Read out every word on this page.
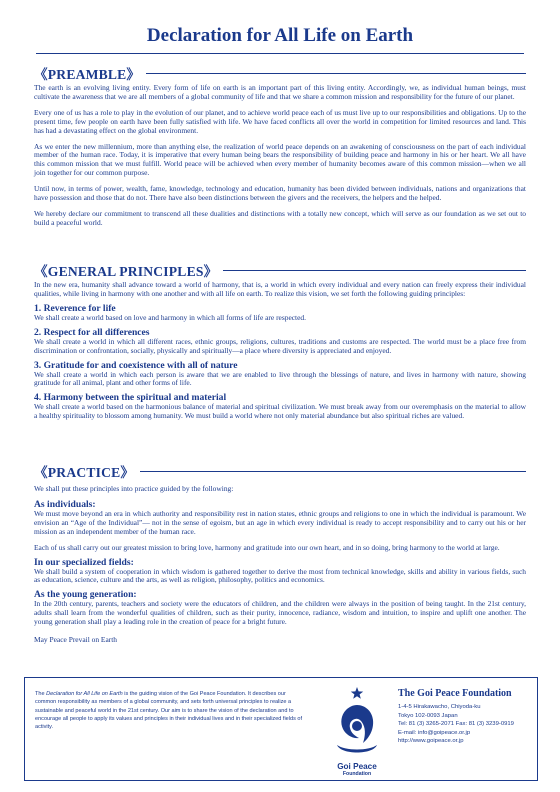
Declaration for All Life on Earth
《PREAMBLE》

The earth is an evolving living entity. Every form of life on earth is an important part of this living entity. Accordingly, we, as individual human beings, must cultivate the awareness that we are all members of a global community of life and that we share a common mission and responsibility for the future of our planet.

Every one of us has a role to play in the evolution of our planet, and to achieve world peace each of us must live up to our responsibilities and obligations. Up to the present time, few people on earth have been fully satisfied with life. We have faced conflicts all over the world in competition for limited resources and land. This has had a devastating effect on the global environment.

As we enter the new millennium, more than anything else, the realization of world peace depends on an awakening of consciousness on the part of each individual member of the human race. Today, it is imperative that every human being bears the responsibility of building peace and harmony in his or her heart. We all have this common mission that we must fulfill. World peace will be achieved when every member of humanity becomes aware of this common mission—when we all join together for our common purpose.

Until now, in terms of power, wealth, fame, knowledge, technology and education, humanity has been divided between individuals, nations and organizations that have possession and those that do not. There have also been distinctions between the givers and the receivers, the helpers and the helped.

We hereby declare our commitment to transcend all these dualities and distinctions with a totally new concept, which will serve as our foundation as we set out to build a peaceful world.

《GENERAL PRINCIPLES》

In the new era, humanity shall advance toward a world of harmony, that is, a world in which every individual and every nation can freely express their individual qualities, while living in harmony with one another and with all life on earth. To realize this vision, we set forth the following guiding principles:

1. Reverence for life

We shall create a world based on love and harmony in which all forms of life are respected.

2. Respect for all differences

We shall create a world in which all different races, ethnic groups, religions, cultures, traditions and customs are respected. The world must be a place free from discrimination or confrontation, socially, physically and spiritually—a place where diversity is appreciated and enjoyed.

3. Gratitude for and coexistence with all of nature

We shall create a world in which each person is aware that we are enabled to live through the blessings of nature, and lives in harmony with nature, showing gratitude for all animal, plant and other forms of life.

4. Harmony between the spiritual and material

We shall create a world based on the harmonious balance of material and spiritual civilization. We must break away from our overemphasis on the material to allow a healthy spirituality to blossom among humanity. We must build a world where not only material abundance but also spiritual riches are valued.

《PRACTICE》

We shall put these principles into practice guided by the following:

As individuals:

We must move beyond an era in which authority and responsibility rest in nation states, ethnic groups and religions to one in which the individual is paramount. We envision an “Age of the Individual”— not in the sense of egoism, but an age in which every individual is ready to accept responsibility and to carry out his or her mission as an independent member of the human race.

Each of us shall carry out our greatest mission to bring love, harmony and gratitude into our own heart, and in so doing, bring harmony to the world at large.

In our specialized fields:

We shall build a system of cooperation in which wisdom is gathered together to derive the most from technical knowledge, skills and ability in various fields, such as education, science, culture and the arts, as well as religion, philosophy, politics and economics.

As the young generation:

In the 20th century, parents, teachers and society were the educators of children, and the children were always in the position of being taught. In the 21st century, adults shall learn from the wonderful qualities of children, such as their purity, innocence, radiance, wisdom and intuition, to inspire and uplift one another. The young generation shall play a leading role in the creation of peace for a bright future.

May Peace Prevail on Earth

The Declaration for All Life on Earth is the guiding vision of the Goi Peace Foundation. It describes our common responsibility as members of a global community, and sets forth universal principles to realize a sustainable and peaceful world in the 21st century. Our aim is to share the vision of the declaration and to encourage all people to apply its values and principles in their individual lives and in their specialized fields of activity.
Goi Peace
Foundation
The Goi Peace Foundation
1-4-5 Hirakawacho, Chiyoda-ku
Tokyo 102-0093 Japan
Tel: 81 (3) 3265-2071 Fax: 81 (3) 3239-0919
E-mail: info@goipeace.or.jp
http://www.goipeace.or.jp
